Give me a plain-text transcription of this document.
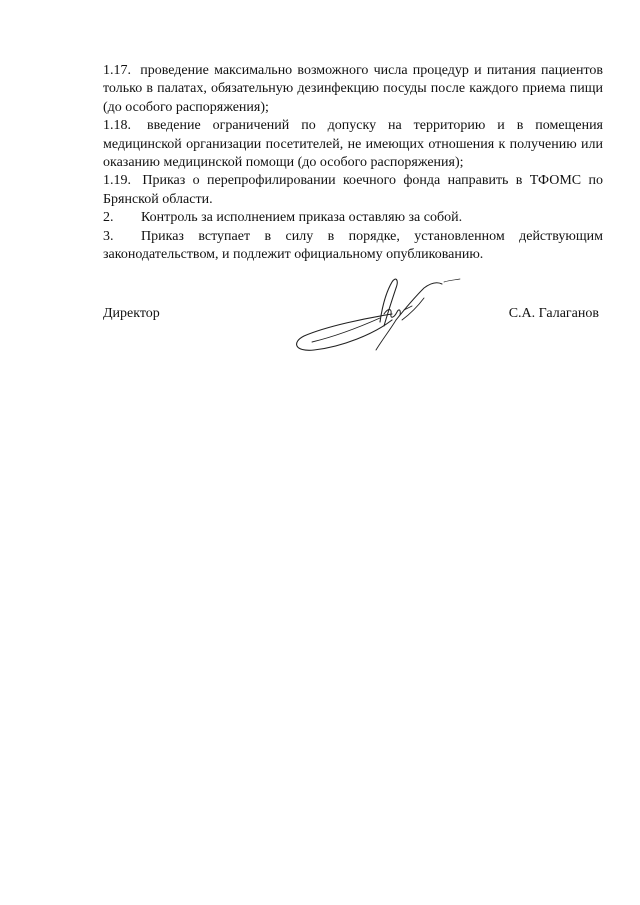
1.17. проведение максимально возможного числа процедур и питания пациентов только в палатах, обязательную дезинфекцию посуды после каждого приема пищи (до особого распоряжения);

1.18. введение ограничений по допуску на территорию и в помещения медицинской организации посетителей, не имеющих отношения к получению или оказанию медицинской помощи (до особого распоряжения);

1.19. Приказ о перепрофилировании коечного фонда направить в ТФОМС по Брянской области.

2. Контроль за исполнением приказа оставляю за собой.

3. Приказ вступает в силу в порядке, установленном действующим законодательством, и подлежит официальному опубликованию.

Директор	С.А. Галаганов
